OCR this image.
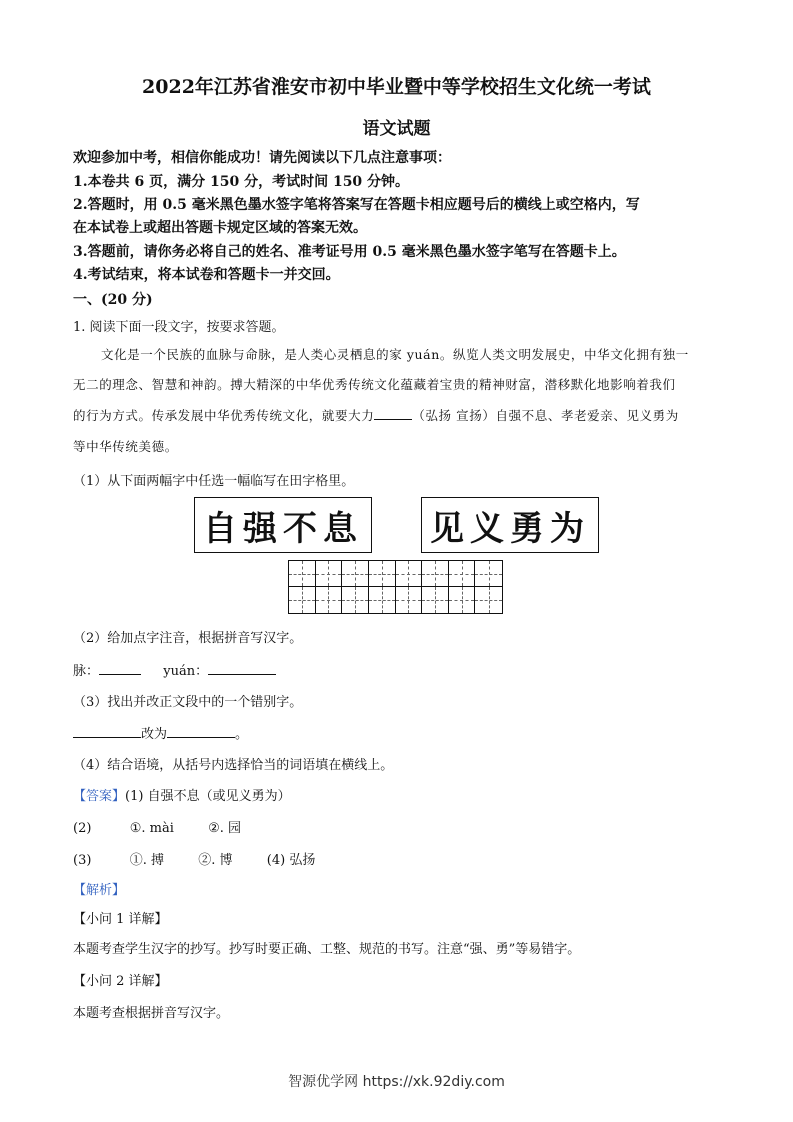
2022年江苏省淮安市初中毕业暨中等学校招生文化统一考试
语文试题
欢迎参加中考，相信你能成功！请先阅读以下几点注意事项：
1.本卷共 6 页，满分 150 分，考试时间 150 分钟。
2.答题时，用 0.5 毫米黑色墨水签字笔将答案写在答题卡相应题号后的横线上或空格内，写
在本试卷上或超出答题卡规定区域的答案无效。
3.答题前，请你务必将自己的姓名、准考证号用 0.5 毫米黑色墨水签字笔写在答题卡上。
4.考试结束，将本试卷和答题卡一并交回。
一、(20 分)
1. 阅读下面一段文字，按要求答题。
文化是一个民族的血脉与命脉，是人类心灵栖息的家 yuán。纵览人类文明发展史，中华文化拥有独一
无二的理念、智慧和神韵。搏大精深的中华优秀传统文化蕴藏着宝贵的精神财富，潜移默化地影响着我们
的行为方式。传承发展中华优秀传统文化，就要大力	（弘扬 宣扬）自强不息、孝老爱亲、见义勇为
等中华传统美德。
（1）从下面两幅字中任选一幅临写在田字格里。
自强不息 见义勇为
（2）给加点字注音，根据拼音写汉字。
脉：	yuán：
（3）找出并改正文段中的一个错别字。
改为	。
（4）结合语境，从括号内选择恰当的词语填在横线上。
【答案】(1) 自强不息（或见义勇为）
(2)	①. mài	②. 园
(3)	①. 搏	②. 博	(4) 弘扬
【解析】
【小问 1 详解】
本题考查学生汉字的抄写。抄写时要正确、工整、规范的书写。注意“强、勇”等易错字。
【小问 2 详解】
本题考查根据拼音写汉字。
智源优学网 https://xk.92diy.com
